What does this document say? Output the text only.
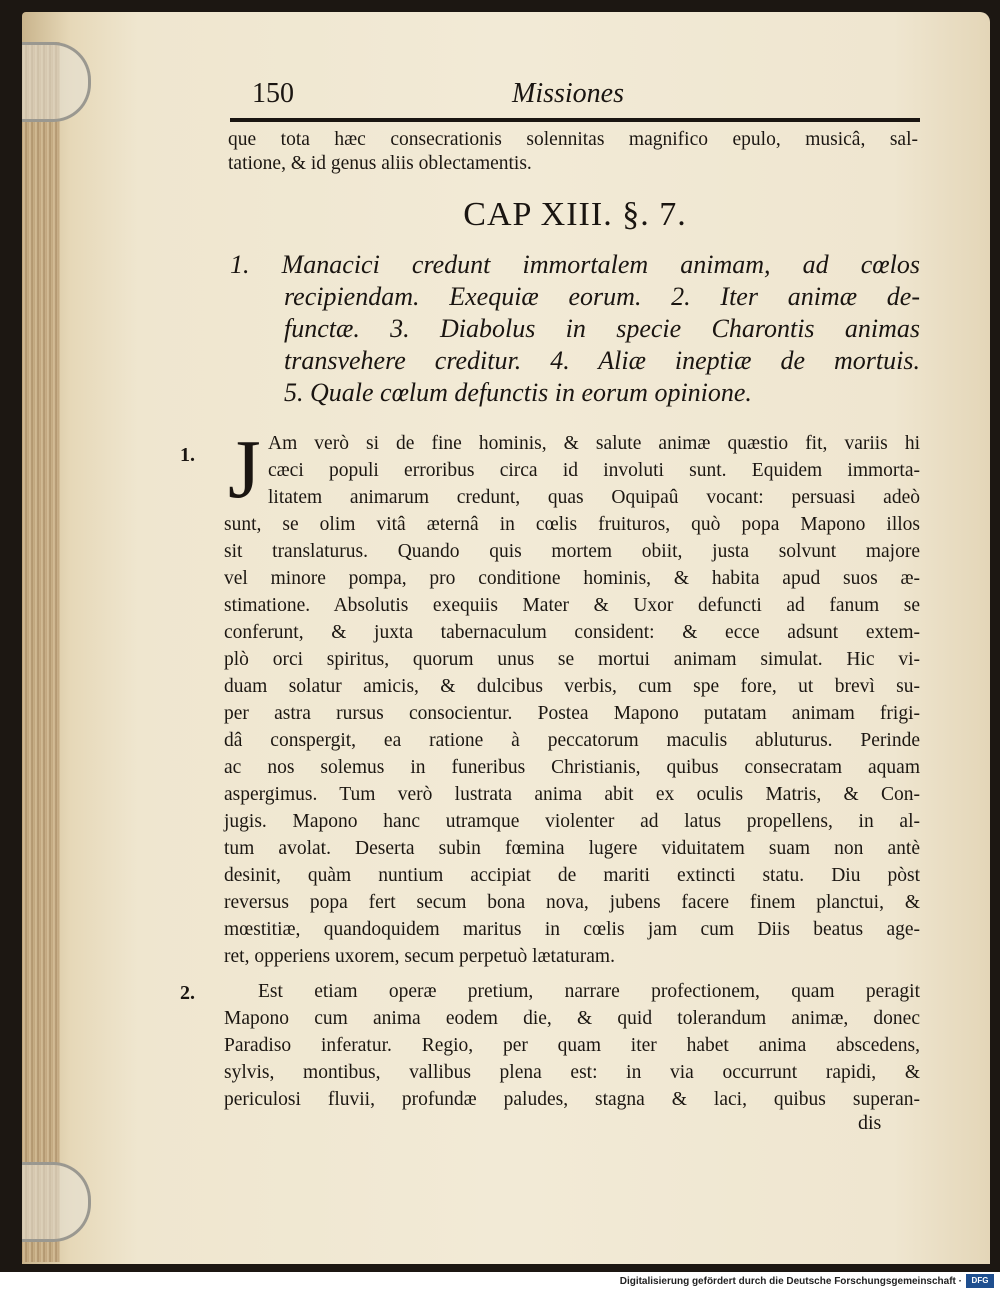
150	Missiones
que tota hæc consecrationis solennitas magnifico epulo, musicâ, sal-
tatione, & id genus aliis oblectamentis.
CAP XIII. §. 7.
1. Manacici credunt immortalem animam, ad cœlos
recipiendam. Exequiæ eorum. 2. Iter animæ de-
functæ. 3. Diabolus in specie Charontis animas
transvehere creditur. 4. Aliæ ineptiæ de mortuis.
5. Quale cœlum defunctis in eorum opinione.
1. J Am verò si de fine hominis, & salute animæ quæstio fit, variis hi
cæci populi erroribus circa id involuti sunt. Equidem immorta-
litatem animarum credunt, quas Oquipaû vocant: persuasi adeò
sunt, se olim vitâ æternâ in cœlis fruituros, quò popa Mapono illos
sit translaturus. Quando quis mortem obiit, justa solvunt majore
vel minore pompa, pro conditione hominis, & habita apud suos æ-
stimatione. Absolutis exequiis Mater & Uxor defuncti ad fanum se
conferunt, & juxta tabernaculum consident: & ecce adsunt extem-
plò orci spiritus, quorum unus se mortui animam simulat. Hic vi-
duam solatur amicis, & dulcibus verbis, cum spe fore, ut brevì su-
per astra rursus consocientur. Postea Mapono putatam animam frigi-
dâ conspergit, ea ratione à peccatorum maculis abluturus. Perinde
ac nos solemus in funeribus Christianis, quibus consecratam aquam
aspergimus. Tum verò lustrata anima abit ex oculis Matris, & Con-
jugis. Mapono hanc utramque violenter ad latus propellens, in al-
tum avolat. Deserta subin fœmina lugere viduitatem suam non antè
desinit, quàm nuntium accipiat de mariti extincti statu. Diu pòst
reversus popa fert secum bona nova, jubens facere finem planctui, &
mœstitiæ, quandoquidem maritus in cœlis jam cum Diis beatus age-
ret, opperiens uxorem, secum perpetuò lætaturam.
2.	Est etiam operæ pretium, narrare profectionem, quam peragit
Mapono cum anima eodem die, & quid tolerandum animæ, donec
Paradiso inferatur. Regio, per quam iter habet anima abscedens,
sylvis, montibus, vallibus plena est: in via occurrunt rapidi, &
periculosi fluvii, profundæ paludes, stagna & laci, quibus superan-
dis
Digitalisierung gefördert durch die Deutsche Forschungsgemeinschaft ·	DFG
